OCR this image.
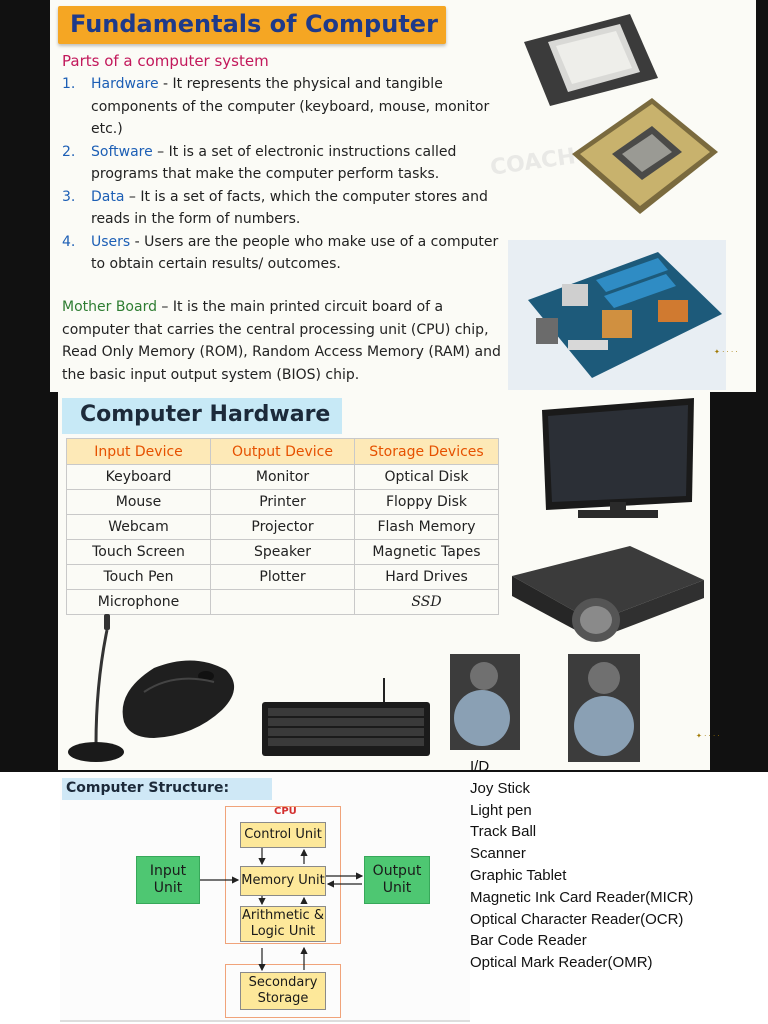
Fundamentals of Computer
Parts of a computer system
1. Hardware - It represents the physical and tangible components of the computer (keyboard, mouse, monitor etc.)
2. Software – It is a set of electronic instructions called programs that make the computer perform tasks.
3. Data – It is a set of facts, which the computer stores and reads in the form of numbers.
4. Users - Users are the people who make use of a computer to obtain certain results/ outcomes.
Mother Board – It is the main printed circuit board of a computer that carries the central processing unit (CPU) chip, Read Only Memory (ROM), Random Access Memory (RAM) and the basic input output system (BIOS) chip.
COACH
✦ · · · ·
Computer Hardware
Input Device	Output Device	Storage Devices
Keyboard	Monitor	Optical Disk
Mouse	Printer	Floppy Disk
Webcam	Projector	Flash Memory
Touch Screen	Speaker	Magnetic Tapes
Touch Pen	Plotter	Hard Drives
Microphone		SSD
✦ · · · ·
Computer Structure:
CPU
Input Unit
Output Unit
Control Unit
Memory Unit
Arithmetic & Logic Unit
Secondary Storage
I/D
Joy Stick
Light pen
Track Ball
Scanner
Graphic Tablet
Magnetic Ink Card Reader(MICR)
Optical Character Reader(OCR)
Bar Code Reader
Optical Mark Reader(OMR)
